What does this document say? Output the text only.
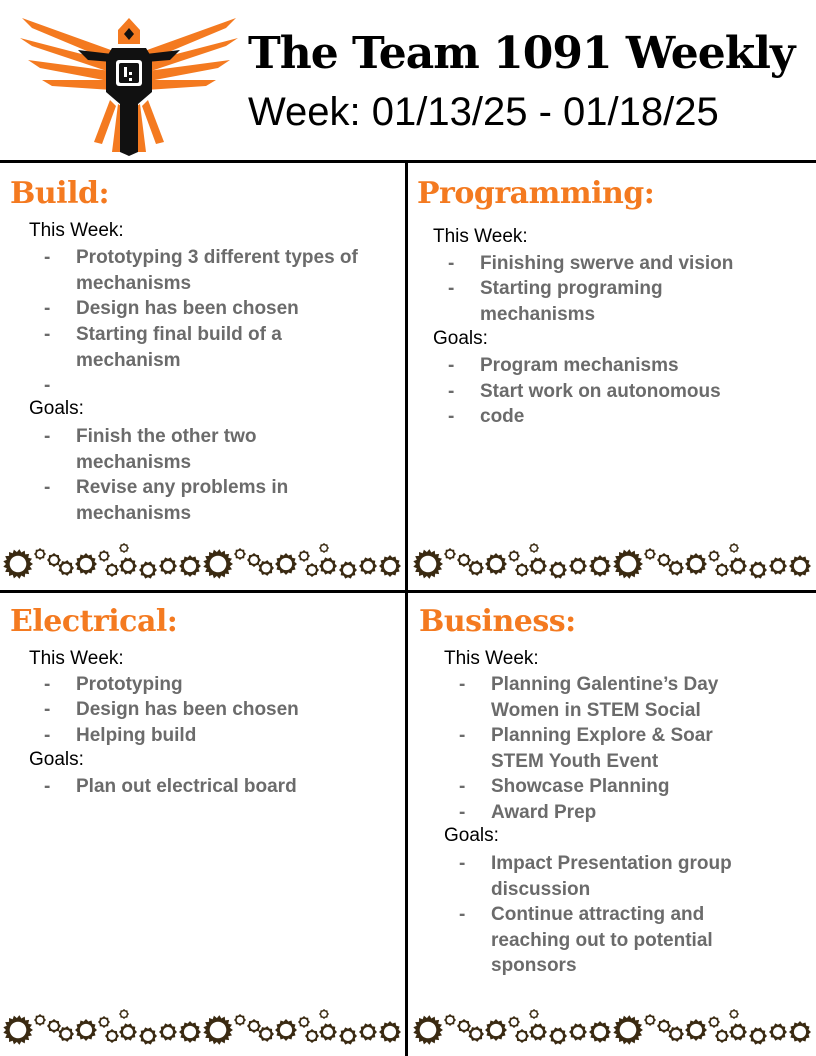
The Team 1091 Weekly
Week: 01/13/25 - 01/18/25
Build:
This Week:
-	Prototyping 3 different types of mechanisms
-	Design has been chosen
-	Starting final build of a mechanism
-
Goals:
-	Finish the other two mechanisms
-	Revise any problems in mechanisms
Programming:
This Week:
-	Finishing swerve and vision
-	Starting programing mechanisms
Goals:
-	Program mechanisms
-	Start work on autonomous
-	code
Electrical:
This Week:
-	Prototyping
-	Design has been chosen
-	Helping build
Goals:
-	Plan out electrical board
Business:
This Week:
-	Planning Galentine’s Day Women in STEM Social
-	Planning Explore & Soar STEM Youth Event
-	Showcase Planning
-	Award Prep
Goals:
-	Impact Presentation group discussion
-	Continue attracting and reaching out to potential sponsors
